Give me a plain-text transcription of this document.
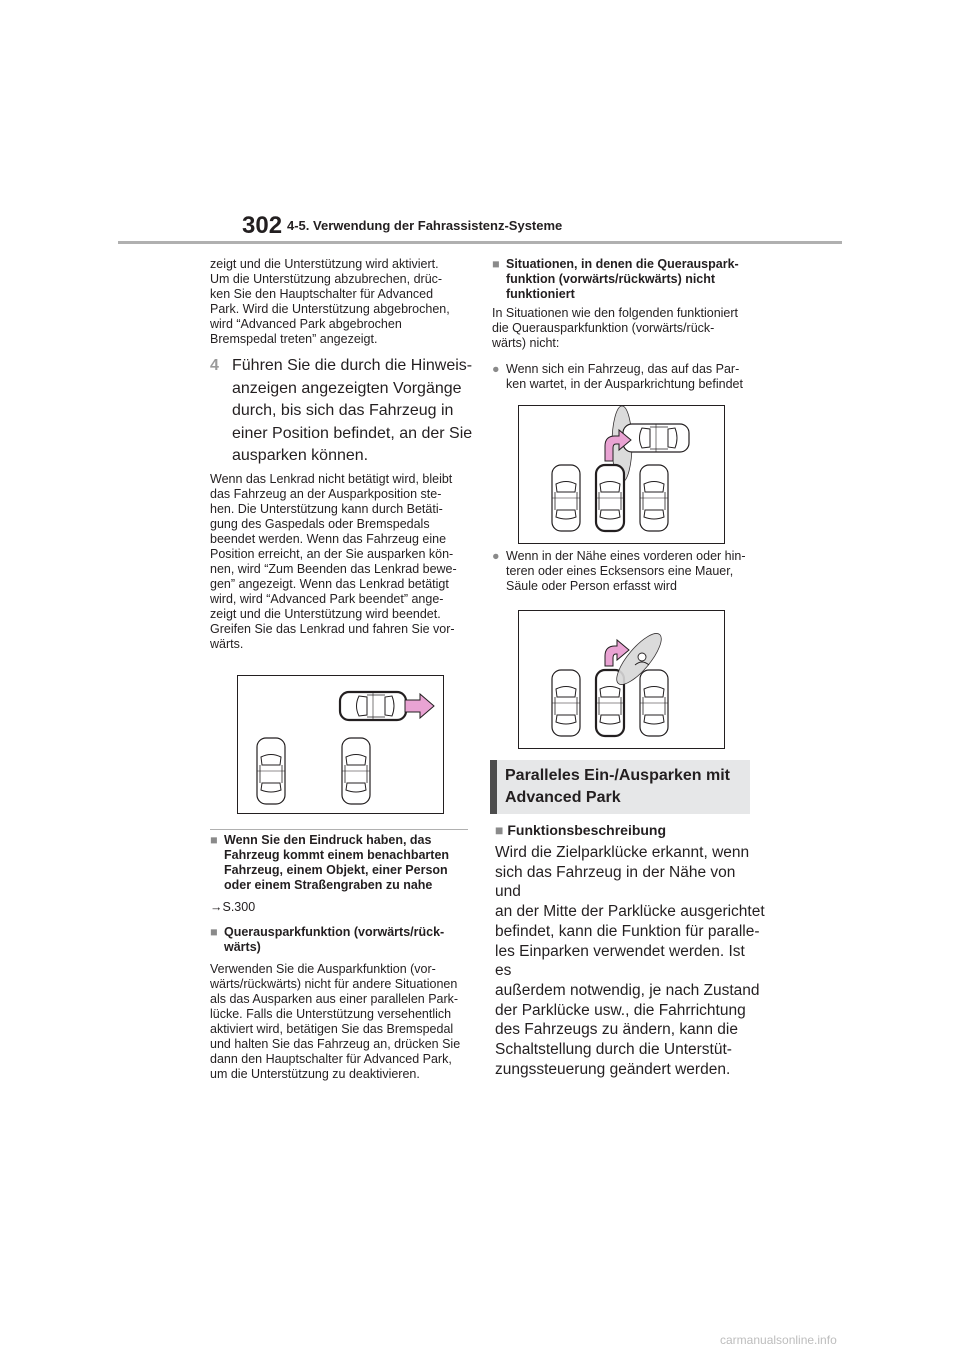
302 4-5. Verwendung der Fahrassistenz-Systeme

zeigt und die Unterstützung wird aktiviert.

Um die Unterstützung abzubrechen, drüc-

ken Sie den Hauptschalter für Advanced

Park. Wird die Unterstützung abgebrochen,

wird “Advanced Park abgebrochen

Bremspedal treten” angezeigt.

4 Führen Sie die durch die Hinweis-
anzeigen angezeigten Vorgänge
durch, bis sich das Fahrzeug in
einer Position befindet, an der Sie
ausparken können.

Wenn das Lenkrad nicht betätigt wird, bleibt

das Fahrzeug an der Ausparkposition ste-

hen. Die Unterstützung kann durch Betäti-

gung des Gaspedals oder Bremspedals

beendet werden. Wenn das Fahrzeug eine

Position erreicht, an der Sie ausparken kön-

nen, wird “Zum Beenden das Lenkrad bewe-

gen” angezeigt. Wenn das Lenkrad betätigt

wird, wird “Advanced Park beendet” ange-

zeigt und die Unterstützung wird beendet.

Greifen Sie das Lenkrad und fahren Sie vor-

wärts.

■ Wenn Sie den Eindruck haben, das
Fahrzeug kommt einem benachbarten
Fahrzeug, einem Objekt, einer Person
oder einem Straßengraben zu nahe
→S.300
■ Querausparkfunktion (vorwärts/rück-
wärts)

Verwenden Sie die Ausparkfunktion (vor-

wärts/rückwärts) nicht für andere Situationen

als das Ausparken aus einer parallelen Park-

lücke. Falls die Unterstützung versehentlich

aktiviert wird, betätigen Sie das Bremspedal

und halten Sie das Fahrzeug an, drücken Sie

dann den Hauptschalter für Advanced Park,

um die Unterstützung zu deaktivieren.

■ Situationen, in denen die Querauspark-
funktion (vorwärts/rückwärts) nicht
funktioniert

In Situationen wie den folgenden funktioniert

die Querausparkfunktion (vorwärts/rück-

wärts) nicht:

● Wenn sich ein Fahrzeug, das auf das Par-

ken wartet, in der Ausparkrichtung befindet

● Wenn in der Nähe eines vorderen oder hin-

teren oder eines Ecksensors eine Mauer,

Säule oder Person erfasst wird

Paralleles Ein-/Ausparken mit
Advanced Park
■ Funktionsbeschreibung
Wird die Zielparklücke erkannt, wenn
sich das Fahrzeug in der Nähe von und
an der Mitte der Parklücke ausgerichtet
befindet, kann die Funktion für paralle-
les Einparken verwendet werden. Ist es
außerdem notwendig, je nach Zustand
der Parklücke usw., die Fahrrichtung
des Fahrzeugs zu ändern, kann die
Schaltstellung durch die Unterstüt-
zungssteuerung geändert werden.
carmanualsonline.info
